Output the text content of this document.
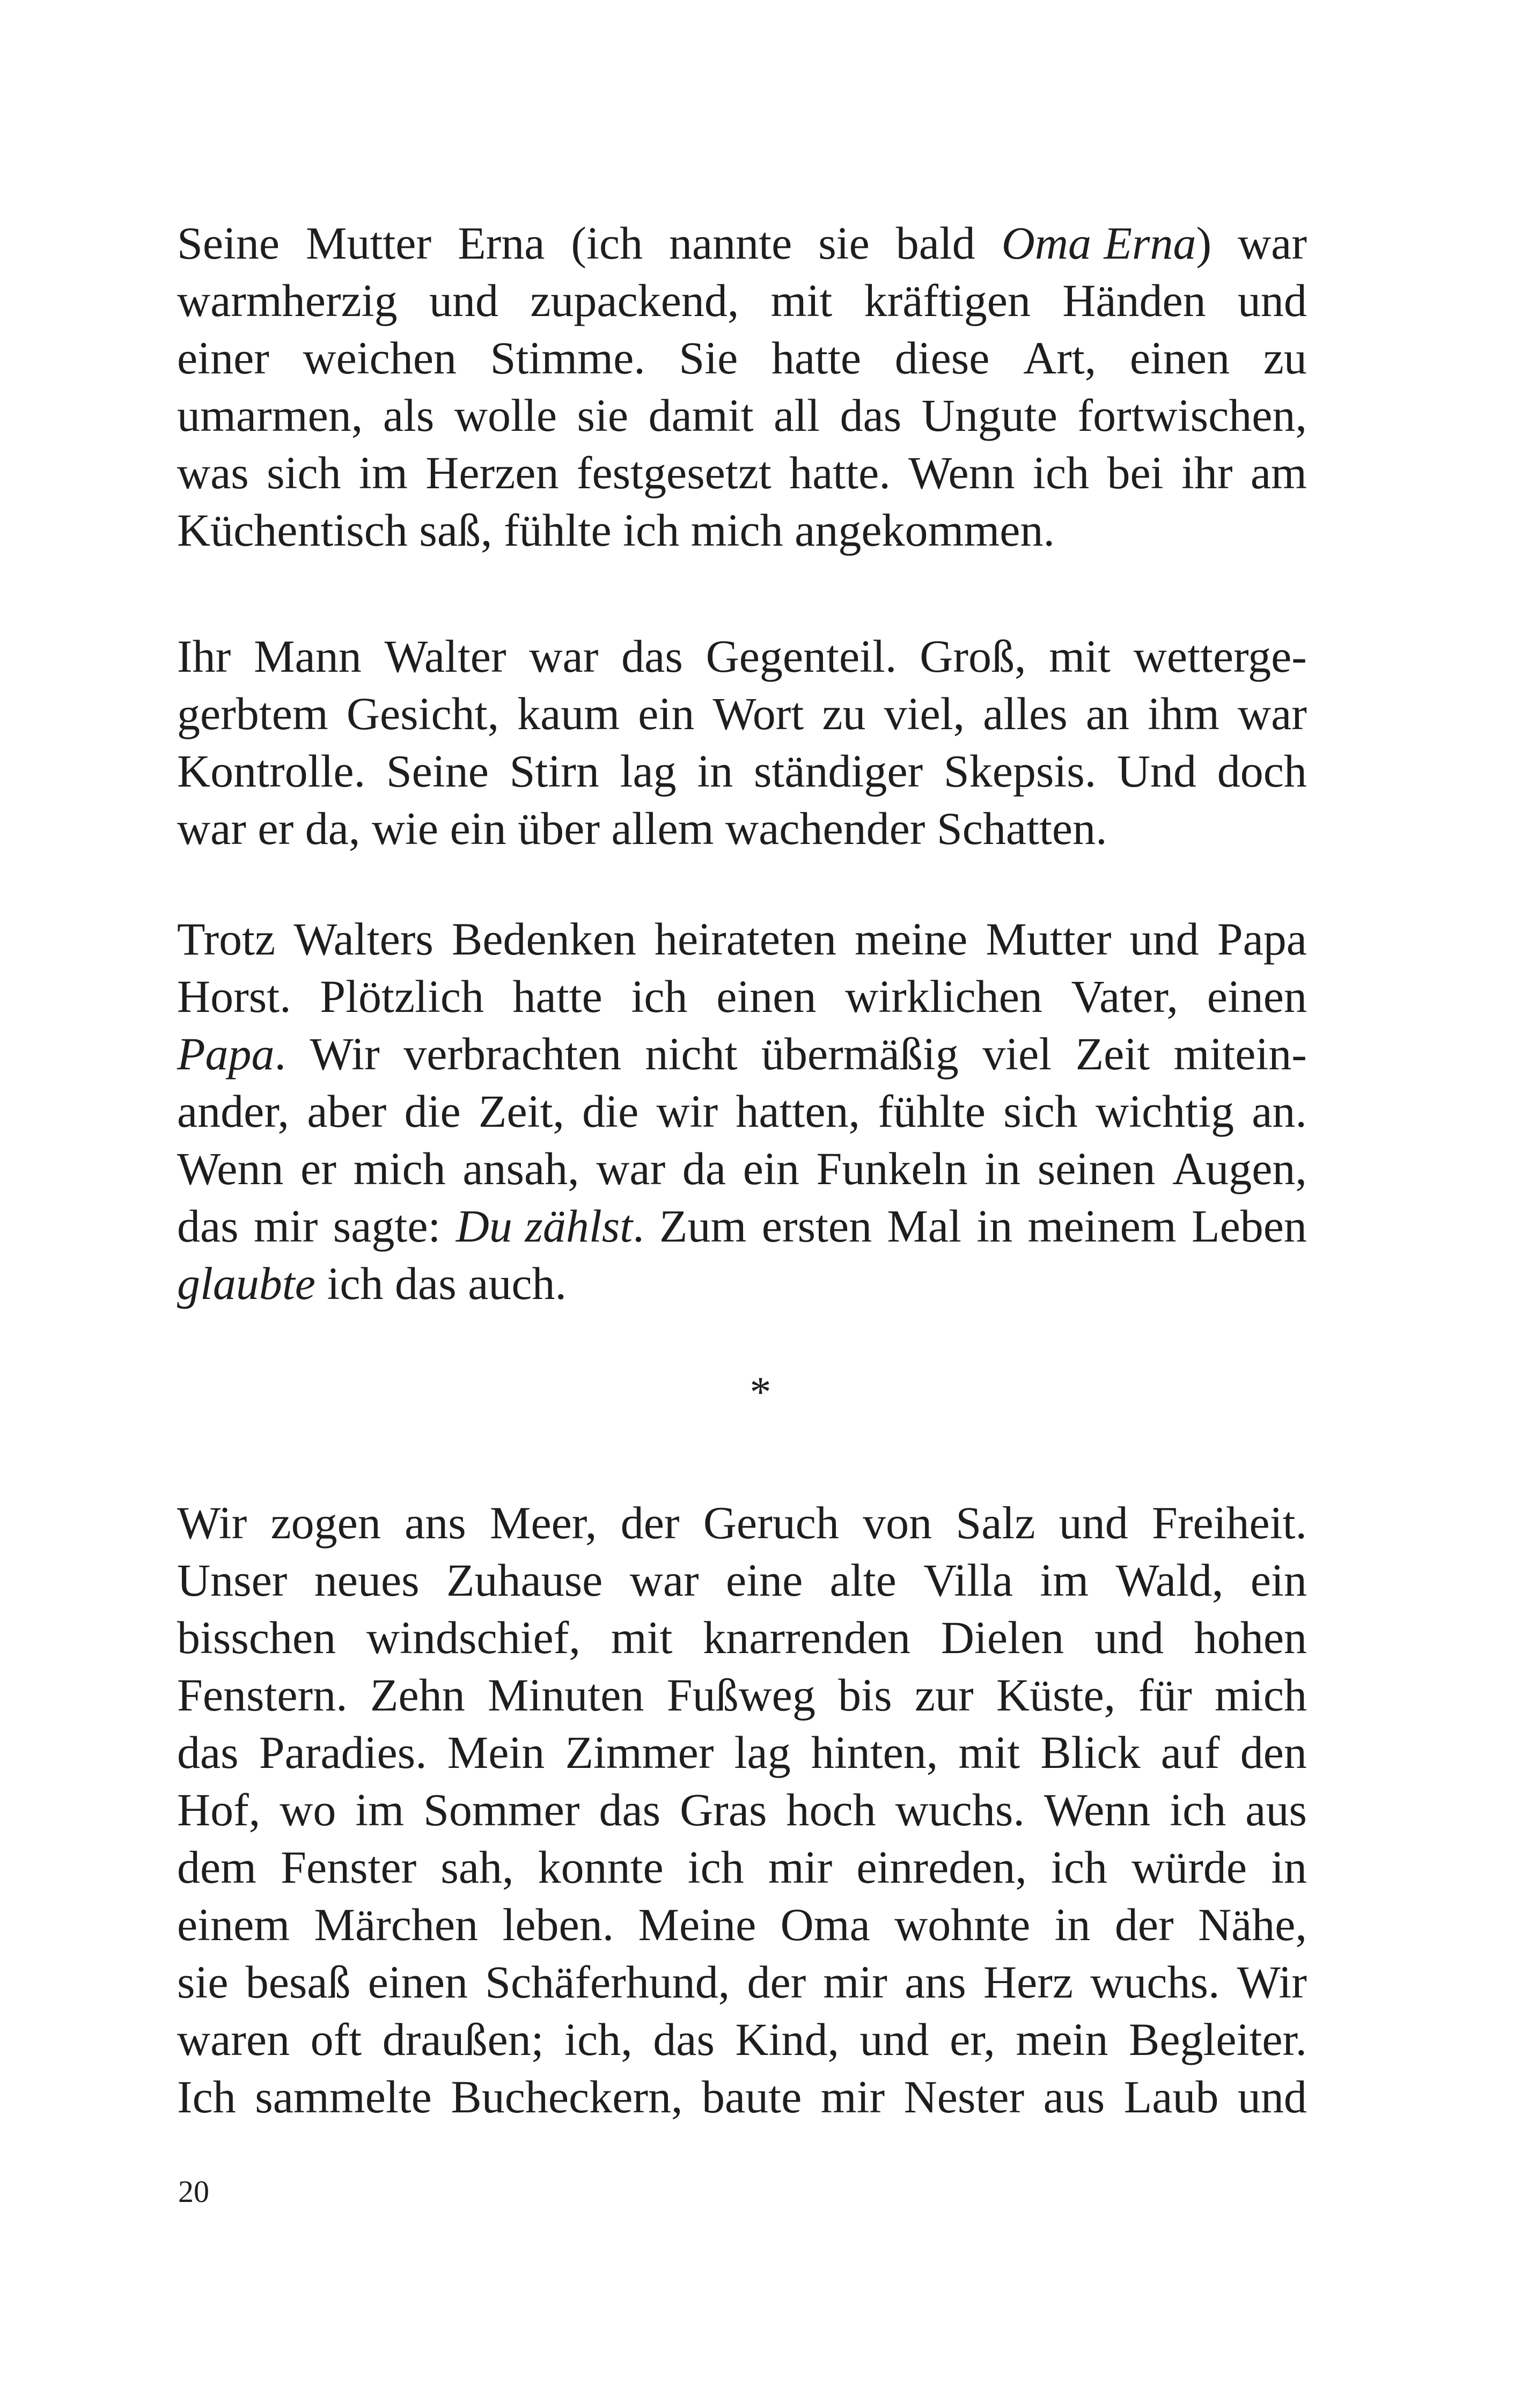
Seine Mutter Erna (ich nannte sie bald Oma Erna) war
warmherzig und zupackend, mit kräftigen Händen und
einer weichen Stimme. Sie hatte diese Art, einen zu
umarmen, als wolle sie damit all das Ungute fortwischen,
was sich im Herzen festgesetzt hatte. Wenn ich bei ihr am
Küchentisch saß, fühlte ich mich angekommen.
Ihr Mann Walter war das Gegenteil. Groß, mit wetterge-
gerbtem Gesicht, kaum ein Wort zu viel, alles an ihm war
Kontrolle. Seine Stirn lag in ständiger Skepsis. Und doch
war er da, wie ein über allem wachender Schatten.
Trotz Walters Bedenken heirateten meine Mutter und Papa
Horst. Plötzlich hatte ich einen wirklichen Vater, einen
Papa. Wir verbrachten nicht übermäßig viel Zeit mitein-
ander, aber die Zeit, die wir hatten, fühlte sich wichtig an.
Wenn er mich ansah, war da ein Funkeln in seinen Augen,
das mir sagte: Du zählst. Zum ersten Mal in meinem Leben
glaubte ich das auch.
*
Wir zogen ans Meer, der Geruch von Salz und Freiheit.
Unser neues Zuhause war eine alte Villa im Wald, ein
bisschen windschief, mit knarrenden Dielen und hohen
Fenstern. Zehn Minuten Fußweg bis zur Küste, für mich
das Paradies. Mein Zimmer lag hinten, mit Blick auf den
Hof, wo im Sommer das Gras hoch wuchs. Wenn ich aus
dem Fenster sah, konnte ich mir einreden, ich würde in
einem Märchen leben. Meine Oma wohnte in der Nähe,
sie besaß einen Schäferhund, der mir ans Herz wuchs. Wir
waren oft draußen; ich, das Kind, und er, mein Begleiter.
Ich sammelte Bucheckern, baute mir Nester aus Laub und
20
